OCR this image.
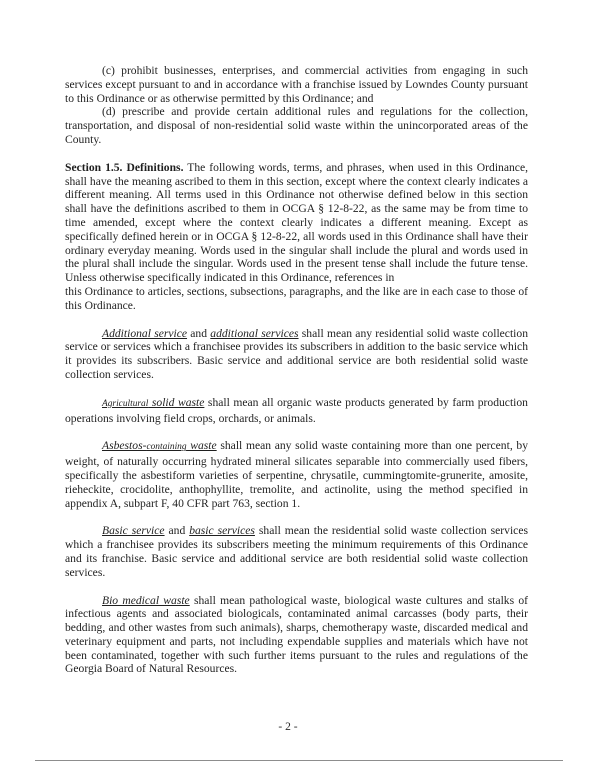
(c) prohibit businesses, enterprises, and commercial activities from engaging in such services except pursuant to and in accordance with a franchise issued by Lowndes County pursuant to this Ordinance or as otherwise permitted by this Ordinance; and

(d) prescribe and provide certain additional rules and regulations for the collection, transportation, and disposal of non-residential solid waste within the unincorporated areas of the County.

Section 1.5. Definitions. The following words, terms, and phrases, when used in this Ordinance, shall have the meaning ascribed to them in this section, except where the context clearly indicates a different meaning. All terms used in this Ordinance not otherwise defined below in this section shall have the definitions ascribed to them in OCGA § 12-8-22, as the same may be from time to time amended, except where the context clearly indicates a different meaning. Except as specifically defined herein or in OCGA § 12-8-22, all words used in this Ordinance shall have their ordinary everyday meaning. Words used in the singular shall include the plural and words used in the plural shall include the singular. Words used in the present tense shall include the future tense. Unless otherwise specifically indicated in this Ordinance, references in
this Ordinance to articles, sections, subsections, paragraphs, and the like are in each case to those of this Ordinance.

Additional service and additional services shall mean any residential solid waste collection service or services which a franchisee provides its subscribers in addition to the basic service which it provides its subscribers. Basic service and additional service are both residential solid waste collection services.

Agricultural solid waste shall mean all organic waste products generated by farm production operations involving field crops, orchards, or animals.

Asbestos-containing waste shall mean any solid waste containing more than one percent, by weight, of naturally occurring hydrated mineral silicates separable into commercially used fibers, specifically the asbestiform varieties of serpentine, chrysatile, cummingtomite-grunerite, amosite, rieheckite, crocidolite, anthophyllite, tremolite, and actinolite, using the method specified in appendix A, subpart F, 40 CFR part 763, section 1.

Basic service and basic services shall mean the residential solid waste collection services which a franchisee provides its subscribers meeting the minimum requirements of this Ordinance and its franchise. Basic service and additional service are both residential solid waste collection services.

Bio medical waste shall mean pathological waste, biological waste cultures and stalks of infectious agents and associated biologicals, contaminated animal carcasses (body parts, their bedding, and other wastes from such animals), sharps, chemotherapy waste, discarded medical and veterinary equipment and parts, not including expendable supplies and materials which have not been contaminated, together with such further items pursuant to the rules and regulations of the Georgia Board of Natural Resources.

- 2 -
